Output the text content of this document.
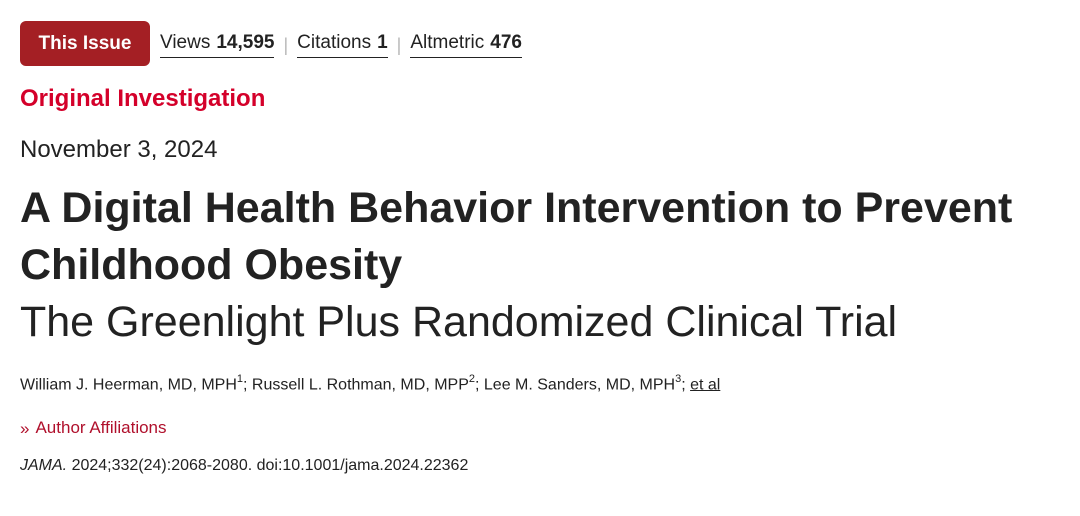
This Issue	Views 14,595 | Citations 1 | Altmetric 476
Original Investigation
November 3, 2024
A Digital Health Behavior Intervention to Prevent Childhood Obesity
The Greenlight Plus Randomized Clinical Trial
William J. Heerman, MD, MPH$^1$; Russell L. Rothman, MD, MPP$^2$; Lee M. Sanders, MD, MPH$^3$; et al
» Author Affiliations
JAMA. 2024;332(24):2068-2080. doi:10.1001/jama.2024.22362
